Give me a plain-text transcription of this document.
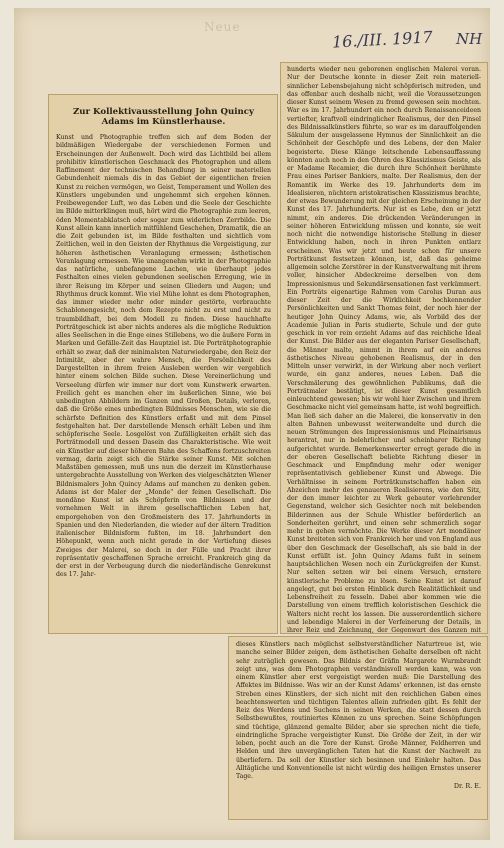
Neue
16./III. 1917 NH
Zur Kollektivausstellung John Quincy Adams im Künstlerhause.

Kunst und Photographie treffen sich auf dem Boden der bildmäßigen Wiedergabe der verschiedenen Formen und Erscheinungen der Außenwelt. Doch wird das Lichtbild bei allem prohibitiv künstlerischen Geschmack des Photographen und allem Raffinement der technischen Behandlung in seiner materiellen Gebundenheit niemals dis in das Gebiet der eigentlichen freien Kunst zu reichen vermögen, wo Geist, Temperament und Wollen des Künstlers ungebunden und ungehemmt sich ergehen können. Freibewegender Luft, wo das Leben und die Seele der Geschichte im Bilde mitterklingen muß, hört wird die Photographie zum leeren, öden Momentabklatsch oder sogar zum widerlichen Zerrbilde. Die Kunst allein kann innerlich mitfühlend Geschehen, Dramatik, die an die Zeit gebunden ist, im Bilde festhalten und sichtlich vom Zeitlichen, weil in den Geisten der Rhythmus die Vergeistigung, zur höheren ästhetischen Veranlagung ermessen; ästhetischen Veranlagung ermessen. Wie unangenehm wirkt in der Photographie das natürliche, unbefangene Lachen, wie überhaupt jedes Festhalten eines vielen gebundenen seelischen Erregung, wie in ihrer Reisung im Körper und seinen Gliedern und Augen; und Rhythmus druck kommt. Wie viel Mühe lohnt es dem Photographen, das immer wieder mehr oder minder gestörte, verbrauchte Schablonengesicht, noch dem Rezepte nicht zu erst und nicht zu traumbildhaft, bei dem Modell zu finden. Diese hauchhafte Porträtgeschick ist aber nichts anderes als die mögliche Reduktion alles Seelischen in die Enge eines Stillebens, wo die äußere Form in Marken und Gefälle-Zeit das Hauptziel ist. Die Porträtphotographie erhält so zwar, daß der minimalsten Naturwiedergabe, den Reiz der Intimität, aber der wahre Mensch, die Persönlichkeit des Dargestellten in ihrem freien Ausleben werden wir vergeblich hinter einem solchen Bilde suchen. Diese Vereinerlichung und Verseelung dürfen wir immer nur dort vom Kunstwerk erwarten. Freilich geht es manchen eher im äußerlichen Sinne, wie bei unbedingten Abbildern im Ganzen und Großen, Details, verloren, daß die Größe eines unbedingten Bildnisses Menschen, wie sie die schärfste Definition des Künstlers erfaßt und mit dem Pinsel festgehalten hat. Der darstellende Mensch erhält Leben und ihm schöpferische Seele. Losgelöst von Zufälligkeiten erhält sich das Porträtmodell und dessen Dasein das Charakteristische. Wie weit ein Künstler auf dieser höheren Bahn des Schaffens fortzuschreiten vermag, darin zeigt sich die Stärke seiner Kunst. Mit solchen Maßstäben gemessen, muß uns nun die derzeit im Künstlerhause untergebrachte Ausstellung von Werken des vielgeschätzten Wiener Bildnismalers John Quincy Adams auf manchen zu denken geben. Adams ist der Maler der „Monde“ der feinen Gesellschaft. Die mondäne Kunst ist als Schöpferin von Bildnissen und der vornehmen Welt in ihrem gesellschaftlichen Leben hat, emporgehoben von den Großmeistern des 17. Jahrhunderts in Spanien und den Niederlanden, die wieder auf der ältern Tradition italienischer Bildnisform fußten, im 18. Jahrhundert den Höhepunkt, wenn auch nicht gerade in der Vertiefung dieses Zweiges der Malerei, so doch in der Fülle und Pracht ihrer repräsentativ geschaffenen Sprache erreicht. Frankreich ging da der erst in der Verbeugung durch die niederländische Genrekunst des 17. Jahr-

hunderts wieder neu geborenen englischen Malerei voran. Nur der Deutsche konnte in dieser Zeit rein materiell-sinnlicher Lebensbejahung nicht schöpferisch mitreden, und das offenbar auch deshalb nicht, weil die Voraussetzungen dieser Kunst seinem Wesen zu fremd gewesen sein mochten. War es im 17. Jahrhundert ein noch durch Renaissanceideen vertiefter, kraftvoll eindringlicher Realismus, der den Pinsel des Bildnissalkünstlers führte, so war es im darauffolgenden Säkulum der ausgelassene Hymnus der Sinnlichkeit an die Schönheit der Geschöpfe und des Lebens, der den Maler begeisterte. Diese Klänge leitschende Lebensauffassung könnten auch noch in den Ohren des Klassizismus Geiste, als er Madame Recamier, die durch ihre Schönheit berühmte Frau eines Pariser Bankiers, malte. Der Realismus, den der Romantik im Werke des 19. Jahrhunderts dem im Idealisieren, nüchtern aristokratischen Klassizismus brachte, der etwas Bewunderung mit der gleichen Erscheinung in der Kunst des 17. Jahrhunderts. Nur ist es Lebe, den er jetzt nimmt, ein anderes. Die drückenden Veränderungen in seiner höheren Entwicklung müssen und konnte, sie weit noch nicht die notwendige historische Stellung in dieser Entwicklung haben, noch in ihren Punkten entlarz erscheinen. Was wir jetzt und heute schon für unsere Porträtkunst festsetzen können, ist, daß das geheime allgemein solche Zerstörer in der Kunstverwaltung mit ihrem voller, hinsicher Abdeckreime derselben von dem Impressionismus und Sekundärsensationen fast verkümmert. Ein Porträts eigenartige Rahmen vom Carolus Duran aus dieser Zeit der die Wirklichkeit hochkennender Persönlichkeiten und Sankt Thomas feint, der noch hier der heutiger John Quincy Adams, wie, als Vorbild des der Academie Julian in Paris studierte, Schule und der gute geschick in vor rein erzieht Adams auf das reichliche Ideal der Kunst. Die Bilder aus der eleganten Pariser Gesellschaft, die Männer malte, nimmt in ihrem auf ein anderes ästhetisches Niveau gehobenen Realismus, der in den Mitteln unser verwirkt, in der Wirkung aber noch verliert wurde, ein ganz anderes, neues Leben. Daß die Verschmälerung des gewöhnlichen Publikums, daß die Porträtmaler bestätigt, ist dieser Kunst gesamtlich einleuchtend gewesen; bis wir wohl hier Zwischen und ihrem Geschmacke nicht viel gemeinsam hatte, ist wohl begreiflich. Man ließ sich daher an die Malerei, die konservativ in den alten Bahnen unbewusst weiterwandelte und durch die neuen Strömungen des Impressionismus und Pleinairismus herantrat, nur in belehrlicher und scheinbarer Richtung aufgerichtet wurde. Bemerkenswerter erregt gerade die in der oberen Gesellschaft beliebte Richtung dieser in Geschmack und Empfindung mehr oder weniger repräsentativisch gebliebener Kunst und Abwege. Die Verhältnisse in seinem Porträtkunstschaffen haben ein Abzeichen mehr des genaueren Realisierens, wie den Sitz, der den immer leichter zu Werk gebauter vorlehrender Gegenstand, welcher sich Gesichter noch mit belebenden Bilderinnen aus der Schule Whistler beförderlich an Sonderheiten gerührt, und einen sehr schmerzlich sogar mehr in gehen vermöchte. Die Werke dieser Art mondäner Kunst breiteten sich von Frankreich her und von England aus über den Geschmack der Gesellschaft, als sie bald in der Kunst erfüllt ist. John Quincy Adams fußt in seinem hauptsächlichen Wesen noch ein Zurückgreifen der Kunst. Nur selten setzen wir bei einem Versuch, ernstere künstlerische Probleme zu lösen. Seine Kunst ist darauf angelegt, gut bei ersten Hinblick durch Realitätlichkeit und Lebensfreiheit zu fesseln. Dabei aber kommen wie die Darstellung von einem trefflich koloristischen Geschick die Walters nicht recht los lassen. Die ausserordentlich sichere und lebendige Malerei in der Verfeinerung der Details, in ihrer Reiz und Zeichnung, der Gegenwart des Ganzen mit

dieses Künstlers nach möglichst selbstverständlicher Naturtreue ist, wie manche seiner Bilder zeigen, dem ästhetischen Gehalte derselben oft nicht sehr zuträglich gewesen. Das Bildnis der Gräfin Margarete Wurmbrandt zeigt uns, was dem Photographen verständnisvoll werden kann, was von einem Künstler aber erst vergeistigt werden muß: Die Darstellung des Affektes im Bildnisse. Was wir an der Kunst Adams' erkennen, ist das ernste Streben eines Künstlers, der sich nicht mit den reichlichen Gaben eines beachtenswerten und tüchtigen Talentes allein zufrieden gibt. Es fehlt der Reiz des Werdens und Suchens in seinen Werken, die statt dessen durch Selbstbewußtes, routiniertes Können zu uns sprechen. Seine Schöpfungen sind tüchtige, glänzend gemalte Bilder, aber sie sprechen nicht die tiefe, eindringliche Sprache vergeistigter Kunst. Die Größe der Zeit, in der wir leben, pocht auch an die Tore der Kunst. Große Männer, Feldherren und Helden und ihre unvergänglichen Taten hat die Kunst der Nachwelt zu überliefern. Da soll der Künstler sich besinnen und Einkehr halten. Das Alltägliche und Konventionelle ist nicht würdig des heiligen Ernstes unserer Tage.

Dr. R. E.
